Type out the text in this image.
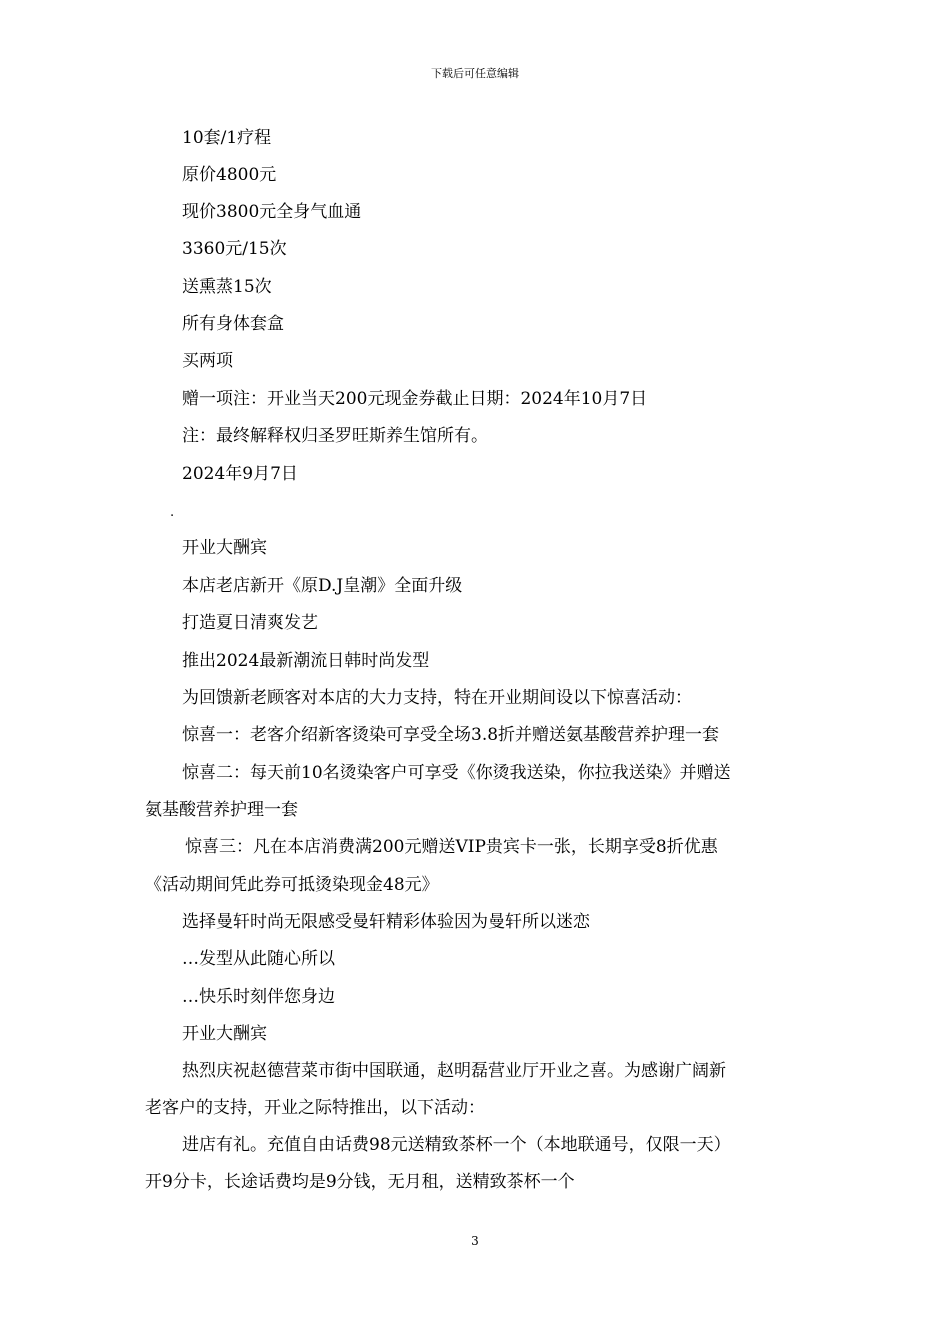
下载后可任意编辑
10套/1疗程
原价4800元
现价3800元全身气血通
3360元/15次
送熏蒸15次
所有身体套盒
买两项
赠一项注：开业当天200元现金券截止日期：2024年10月7日
注：最终解释权归圣罗旺斯养生馆所有。
2024年9月7日
.
开业大酬宾
本店老店新开《原D.J皇潮》全面升级
打造夏日清爽发艺
推出2024最新潮流日韩时尚发型
为回馈新老顾客对本店的大力支持，特在开业期间设以下惊喜活动：
惊喜一：老客介绍新客烫染可享受全场3.8折并赠送氨基酸营养护理一套
惊喜二：每天前10名烫染客户可享受《你烫我送染，你拉我送染》并赠送
氨基酸营养护理一套
惊喜三：凡在本店消费满200元赠送VIP贵宾卡一张，长期享受8折优惠
《活动期间凭此券可抵烫染现金48元》
选择曼轩时尚无限感受曼轩精彩体验因为曼轩所以迷恋
…发型从此随心所以
…快乐时刻伴您身边
开业大酬宾
热烈庆祝赵德营菜市街中国联通，赵明磊营业厅开业之喜。为感谢广阔新
老客户的支持，开业之际特推出，以下活动：
进店有礼。充值自由话费98元送精致茶杯一个（本地联通号，仅限一天）
开9分卡，长途话费均是9分钱，无月租，送精致茶杯一个
3
